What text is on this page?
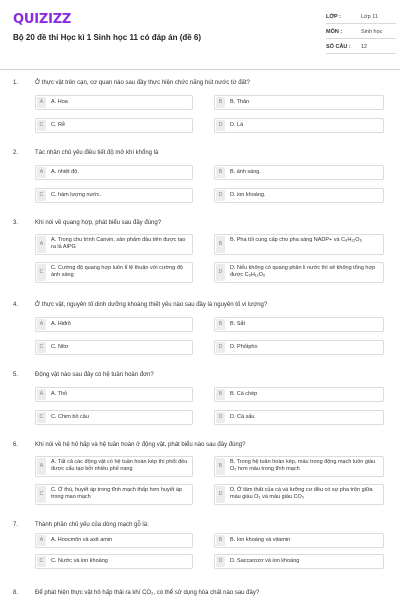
QUIZIZZ
Bộ 20 đề thi Học kì 1 Sinh học 11 có đáp án (đề 6)
LỚP :	Lớp 11
MÔN :	Sinh học
SỐ CÂU : 12
1.	Ở thực vật trên cạn, cơ quan nào sau đây thực hiện chức năng hút nước từ đất?
A	A. Hoa	B	B. Thân
C	C. Rễ	D	D. Lá
2.	Tác nhân chủ yếu điều tiết độ mở khí khổng là
A	A. nhiệt độ.	B	B. ánh sáng.
C	C. hàm lượng nước.	D	D. ion khoáng.
3.	Khi nói về quang hợp, phát biểu sau đây đúng?
A
A. Trong chu trình Canvin, sản phẩm đầu tiên được tạo ra là AlPG	B
B. Pha tối cung cấp cho pha sáng NADP+ và C₆H₁₂O₆
C
C. Cường độ quang hợp luôn tỉ lệ thuận với cường độ ánh sáng	D
D. Nếu không có quang phân li nước thì sẽ không tổng hợp được C₆H₁₂O₆
4.	Ở thực vật, nguyên tố dinh dưỡng khoáng thiết yếu nào sau đây là nguyên tố vi lượng?
A	A. Hiđrô	B	B. Sắt
C	C. Nitơ	D	D. Phốtpho
5.	Động vật nào sau đây có hệ tuần hoàn đơn?
A	A. Thỏ	B	B. Cá chép
C	C. Chim bồ câu	D	D. Cá sấu
6.	Khi nói về hệ hô hấp và hệ tuần hoàn ở động vật, phát biểu nào sau đây đúng?
A
A. Tất cả các động vật có hệ tuần hoàn kép thì phổi đều được cấu tạo bởi nhiều phế nang	B
B. Trong hệ tuần hoàn kép, máu trong động mạch luôn giàu O₂ hơn máu trong tĩnh mạch
C
C. Ở thú, huyết áp trong tĩnh mạch thấp hơn huyết áp trong mao mạch	D
D. Ở tâm thất của cá và lưỡng cư đều có sự pha trộn giữa máu giàu O₂ và máu giàu CO₂
7.	Thành phần chủ yếu của dòng mạch gỗ là:
A	A. Hoocmôn và axit amin	B	B. Ion khoáng và vitamin
C	C. Nước và ion khoáng	D	D. Saccarozơ và ion khoáng
8.	Để phát hiện thực vật hô hấp thải ra khí CO₂, có thể sử dụng hóa chất nào sau đây?
